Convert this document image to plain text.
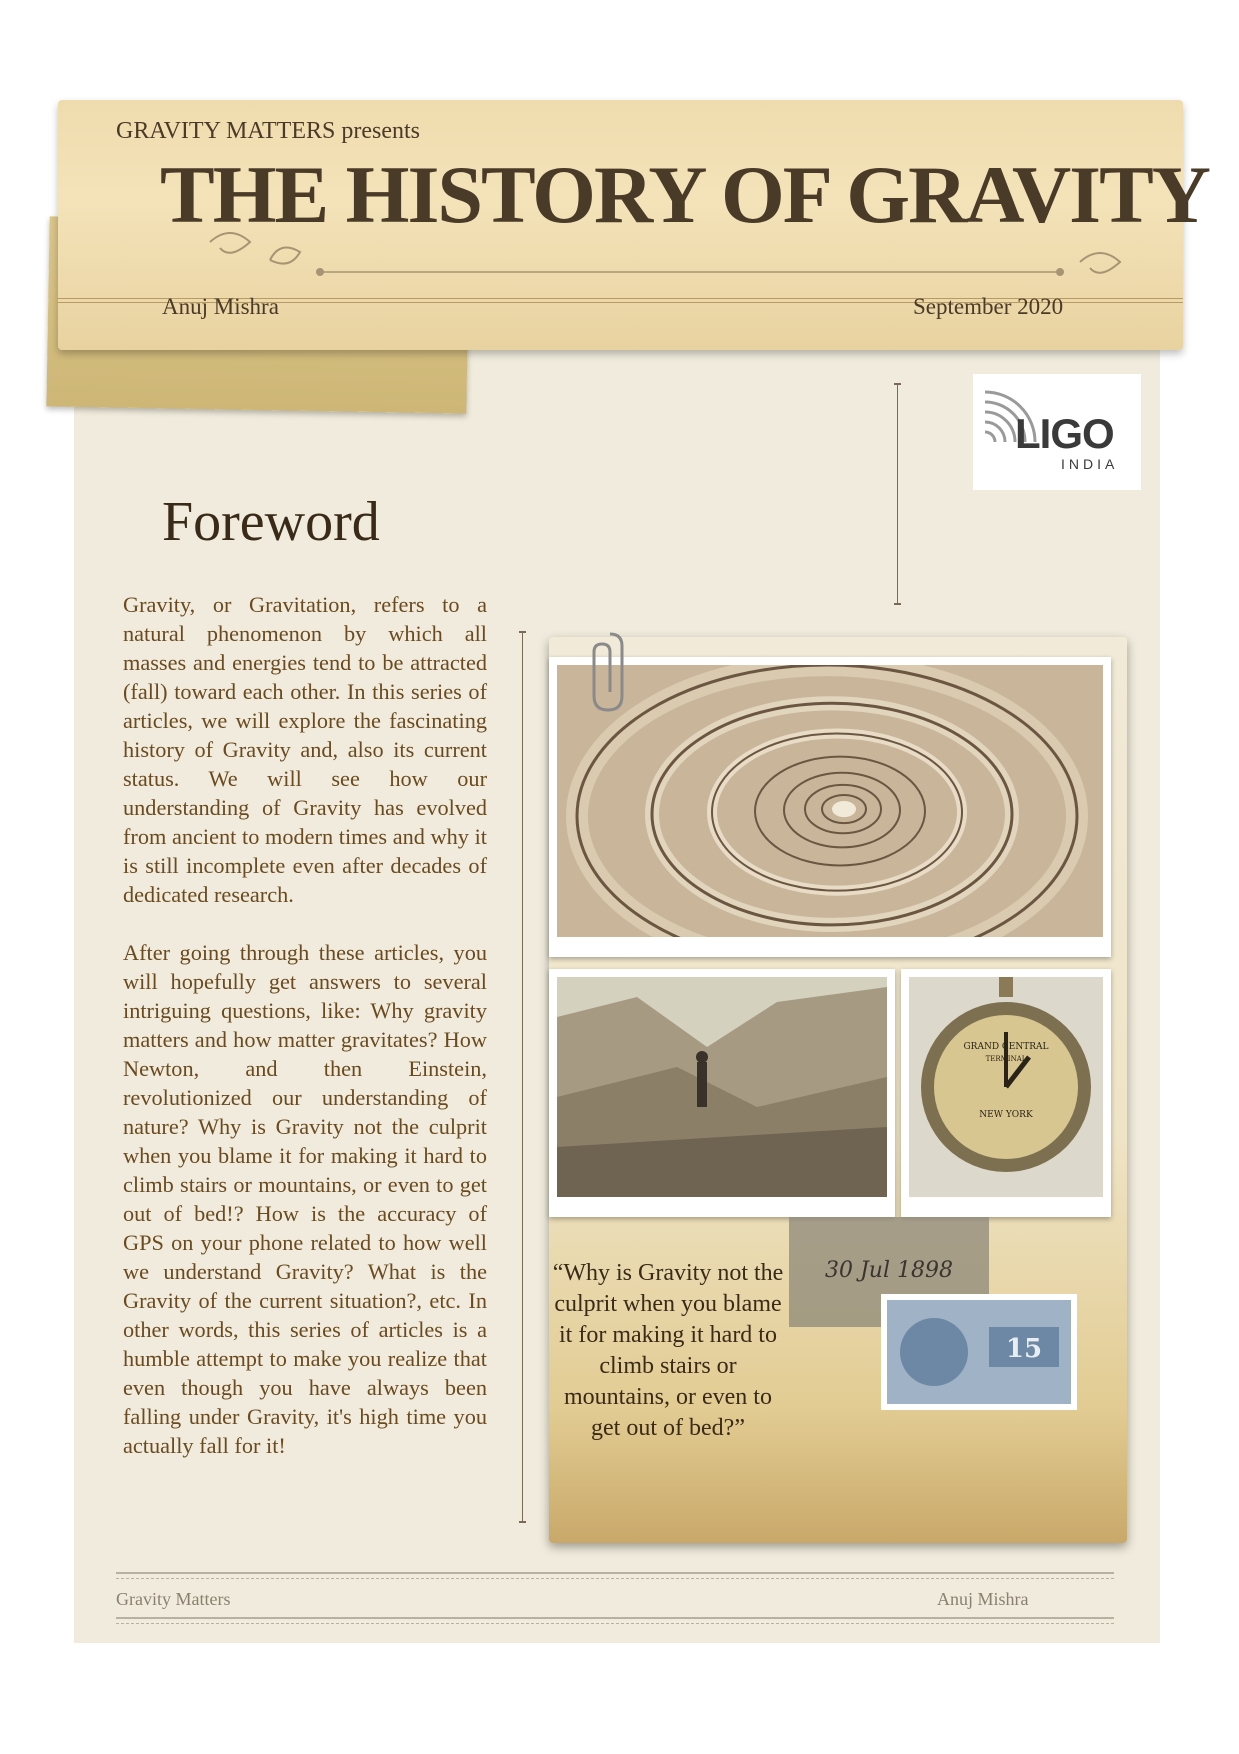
GRAVITY MATTERS presents

THE HISTORY OF GRAVITY
Anuj Mishra	September 2020
LIGO
INDIA
Foreword

Gravity, or Gravitation, refers to a natural phenomenon by which all masses and energies tend to be attracted (fall) toward each other. In this series of articles, we will explore the fascinating history of Gravity and, also its current status. We will see how our understanding of Gravity has evolved from ancient to modern times and why it is still incomplete even after decades of dedicated research.

After going through these articles, you will hopefully get answers to several intriguing questions, like: Why gravity matters and how matter gravitates? How Newton, and then Einstein, revolutionized our understanding of nature? Why is Gravity not the culprit when you blame it for making it hard to climb stairs or mountains, or even to get out of bed!? How is the accuracy of GPS on your phone related to how well we understand Gravity? What is the Gravity of the current situation?, etc. In other words, this series of articles is a humble attempt to make you realize that even though you have always been falling under Gravity, it's high time you actually fall for it!

GRAND CENTRAL
TERMINAL
NEW YORK
30 Jul 1898
15

“Why is Gravity not the culprit when you blame it for making it hard to climb stairs or mountains, or even to get out of bed?”

Gravity Matters	Anuj Mishra
